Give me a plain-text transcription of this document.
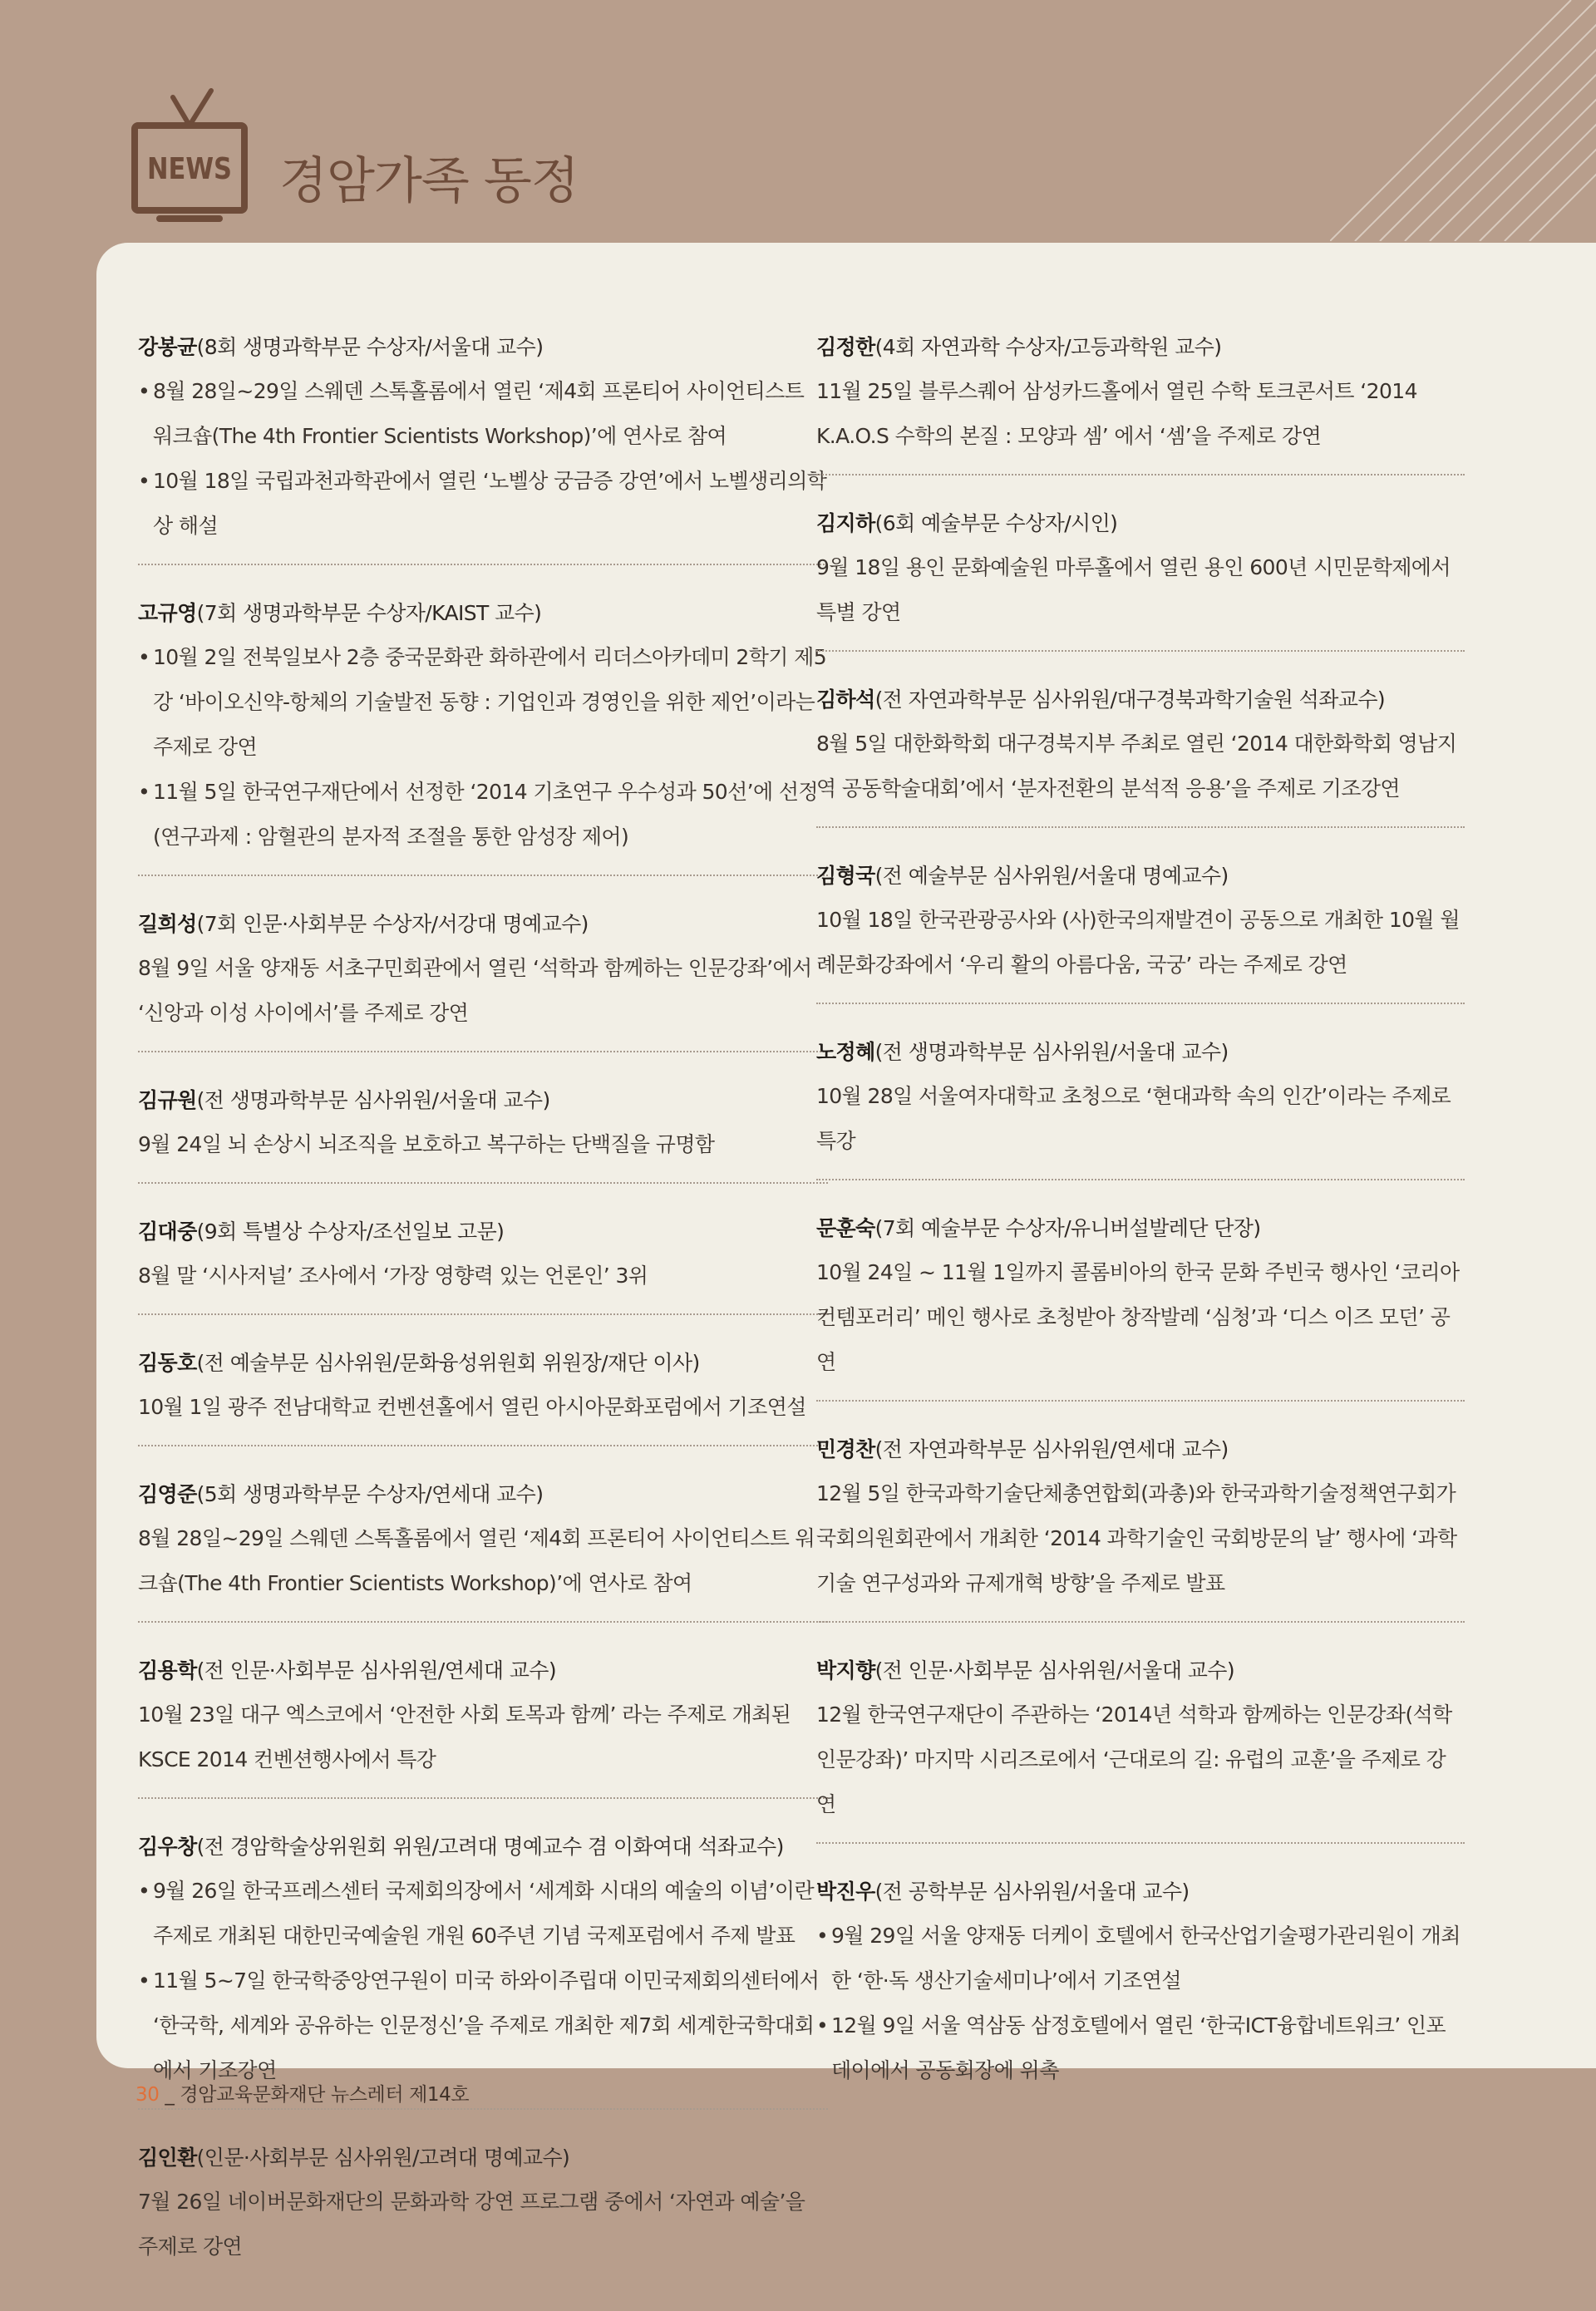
NEWS 경암가족 동정
강봉균(8회 생명과학부문 수상자/서울대 교수)
• 8월 28일~29일 스웨덴 스톡홀롬에서 열린 ‘제4회 프론티어 사이언티스트 워크숍(The 4th Frontier Scientists Workshop)’에 연사로 참여
• 10월 18일 국립과천과학관에서 열린 ‘노벨상 궁금증 강연’에서 노벨생리의학상 해설
고규영(7회 생명과학부문 수상자/KAIST 교수)
• 10월 2일 전북일보사 2층 중국문화관 화하관에서 리더스아카데미 2학기 제5강 ‘바이오신약-항체의 기술발전 동향 : 기업인과 경영인을 위한 제언’이라는 주제로 강연
• 11월 5일 한국연구재단에서 선정한 ‘2014 기초연구 우수성과 50선’에 선정 (연구과제 : 암혈관의 분자적 조절을 통한 암성장 제어)
길희성(7회 인문·사회부문 수상자/서강대 명예교수)

8월 9일 서울 양재동 서초구민회관에서 열린 ‘석학과 함께하는 인문강좌’에서 ‘신앙과 이성 사이에서’를 주제로 강연

김규원(전 생명과학부문 심사위원/서울대 교수)

9월 24일 뇌 손상시 뇌조직을 보호하고 복구하는 단백질을 규명함

김대중(9회 특별상 수상자/조선일보 고문)

8월 말 ‘시사저널’ 조사에서 ‘가장 영향력 있는 언론인’ 3위

김동호(전 예술부문 심사위원/문화융성위원회 위원장/재단 이사)

10월 1일 광주 전남대학교 컨벤션홀에서 열린 아시아문화포럼에서 기조연설

김영준(5회 생명과학부문 수상자/연세대 교수)

8월 28일~29일 스웨덴 스톡홀롬에서 열린 ‘제4회 프론티어 사이언티스트 워크숍(The 4th Frontier Scientists Workshop)’에 연사로 참여

김용학(전 인문·사회부문 심사위원/연세대 교수)

10월 23일 대구 엑스코에서 ‘안전한 사회 토목과 함께’ 라는 주제로 개최된 KSCE 2014 컨벤션행사에서 특강

김우창(전 경암학술상위원회 위원/고려대 명예교수 겸 이화여대 석좌교수)
• 9월 26일 한국프레스센터 국제회의장에서 ‘세계화 시대의 예술의 이념’이란 주제로 개최된 대한민국예술원 개원 60주년 기념 국제포럼에서 주제 발표
• 11월 5~7일 한국학중앙연구원이 미국 하와이주립대 이민국제회의센터에서 ‘한국학, 세계와 공유하는 인문정신’을 주제로 개최한 제7회 세계한국학대회에서 기조강연
김인환(인문·사회부문 심사위원/고려대 명예교수)

7월 26일 네이버문화재단의 문화과학 강연 프로그램 중에서 ‘자연과 예술’을 주제로 강연

김정한(4회 자연과학 수상자/고등과학원 교수)

11월 25일 블루스퀘어 삼성카드홀에서 열린 수학 토크콘서트 ‘2014 K.A.O.S 수학의 본질 : 모양과 셈’ 에서 ‘셈’을 주제로 강연

김지하(6회 예술부문 수상자/시인)

9월 18일 용인 문화예술원 마루홀에서 열린 용인 600년 시민문학제에서 특별 강연

김하석(전 자연과학부문 심사위원/대구경북과학기술원 석좌교수)

8월 5일 대한화학회 대구경북지부 주최로 열린 ‘2014 대한화학회 영남지역 공동학술대회’에서 ‘분자전환의 분석적 응용’을 주제로 기조강연

김형국(전 예술부문 심사위원/서울대 명예교수)

10월 18일 한국관광공사와 (사)한국의재발견이 공동으로 개최한 10월 월례문화강좌에서 ‘우리 활의 아름다움, 국궁’ 라는 주제로 강연

노정혜(전 생명과학부문 심사위원/서울대 교수)

10월 28일 서울여자대학교 초청으로 ‘현대과학 속의 인간’이라는 주제로 특강

문훈숙(7회 예술부문 수상자/유니버설발레단 단장)

10월 24일 ~ 11월 1일까지 콜롬비아의 한국 문화 주빈국 행사인 ‘코리아 컨템포러리’ 메인 행사로 초청받아 창작발레 ‘심청’과 ‘디스 이즈 모던’ 공연

민경찬(전 자연과학부문 심사위원/연세대 교수)

12월 5일 한국과학기술단체총연합회(과총)와 한국과학기술정책연구회가 국회의원회관에서 개최한 ‘2014 과학기술인 국회방문의 날’ 행사에 ‘과학기술 연구성과와 규제개혁 방향’을 주제로 발표

박지향(전 인문·사회부문 심사위원/서울대 교수)

12월 한국연구재단이 주관하는 ‘2014년 석학과 함께하는 인문강좌(석학인문강좌)’ 마지막 시리즈로에서 ‘근대로의 길: 유럽의 교훈’을 주제로 강연

박진우(전 공학부문 심사위원/서울대 교수)
• 9월 29일 서울 양재동 더케이 호텔에서 한국산업기술평가관리원이 개최한 ‘한·독 생산기술세미나’에서 기조연설
• 12월 9일 서울 역삼동 삼정호텔에서 열린 ‘한국ICT융합네트워크’ 인포데이에서 공동회장에 위촉
30 _ 경암교육문화재단 뉴스레터 제14호
